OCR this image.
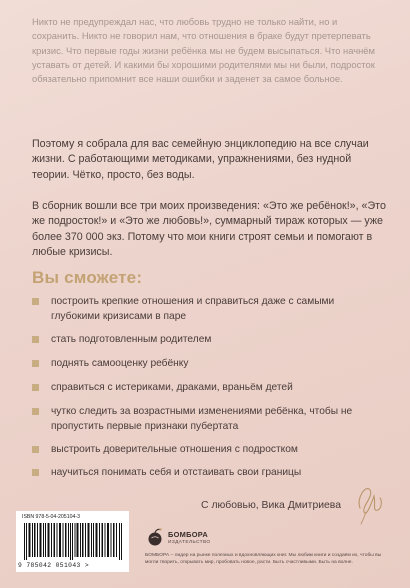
Никто не предупреждал нас, что любовь трудно не только найти, но и сохранить. Никто не говорил нам, что отношения в браке будут претерпевать кризис. Что первые годы жизни ребёнка мы не будем высыпаться. Что начнём уставать от детей. И какими бы хорошими родителями мы ни были, подросток обязательно припомнит все наши ошибки и заденет за самое больное.

Поэтому я собрала для вас семейную энциклопедию на все случаи жизни. С работающими методиками, упражнениями, без нудной теории. Чётко, просто, без воды.

В сборник вошли все три моих произведения: «Это же ребёнок!», «Это же подросток!» и «Это же любовь!», суммарный тираж которых — уже более 370 000 экз. Потому что мои книги строят семьи и помогают в любые кризисы.

Вы сможете:
построить крепкие отношения и справиться даже с самыми глубокими кризисами в паре
стать подготовленным родителем
поднять самооценку ребёнку
справиться с истериками, драками, враньём детей
чутко следить за возрастными изменениями ребёнка, чтобы не пропустить первые признаки пубертата
выстроить доверительные отношения с подростком
научиться понимать себя и отстаивать свои границы

С любовью, Вика Дмитриева

ISBN 978-5-04-205104-3
9 785042 051043 >
БОМБОРА
ИЗДАТЕЛЬСТВО

БОМБОРА – лидер на рынке полезных и вдохновляющих книг. Мы любим книги и создаём их, чтобы вы могли творить, открывать мир, пробовать новое, расти. Быть счастливыми. Быть на волне.
